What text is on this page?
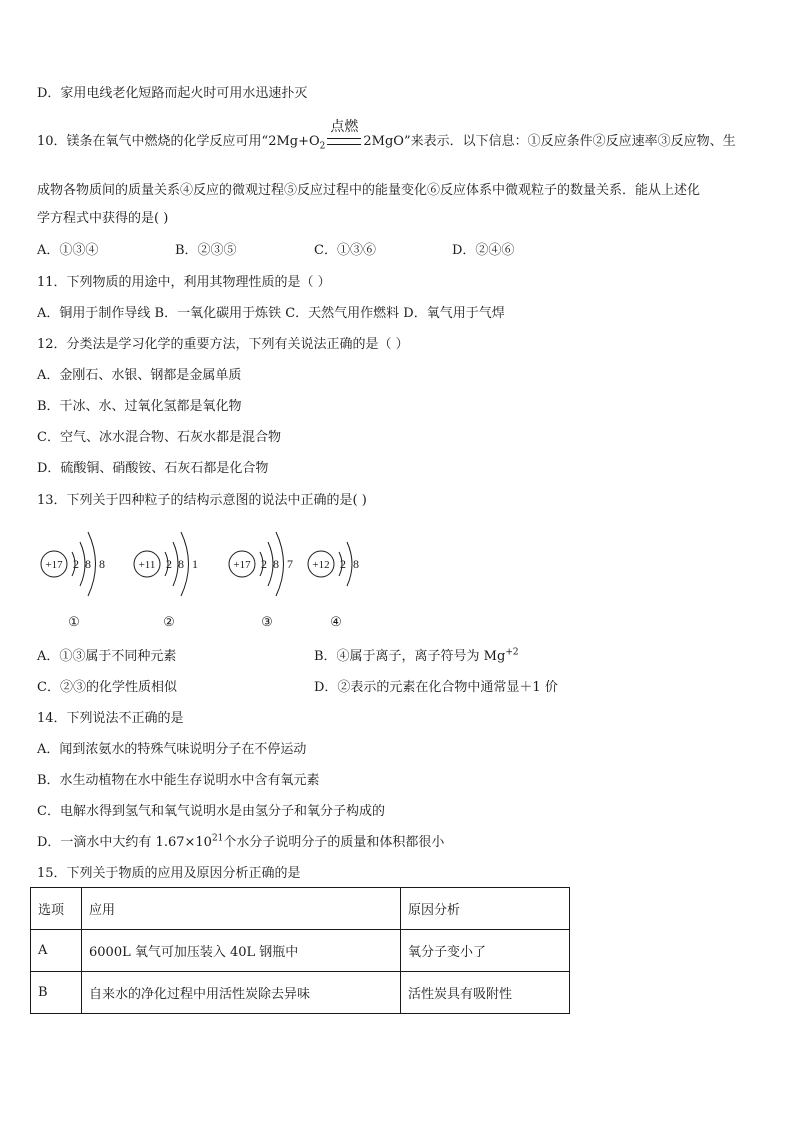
D．家用电线老化短路而起火时可用水迅速扑灭
10．镁条在氧气中燃烧的化学反应可用“$2Mg+O_2$
点燃
2MgO”来表示．以下信息：①反应条件②反应速率③反应物、生
成物各物质间的质量关系④反应的微观过程⑤反应过程中的能量变化⑥反应体系中微观粒子的数量关系．能从上述化
学方程式中获得的是( )
A．①③④	B．②③⑤	C．①③⑥	D．②④⑥
11．下列物质的用途中，利用其物理性质的是（ ）
A．铜用于制作导线 B．一氧化碳用于炼铁 C．天然气用作燃料 D．氧气用于气焊
12．分类法是学习化学的重要方法，下列有关说法正确的是（ ）
A．金刚石、水银、钢都是金属单质
B．干冰、水、过氧化氢都是氧化物
C．空气、冰水混合物、石灰水都是混合物
D．硫酸铜、硝酸铵、石灰石都是化合物
13．下列关于四种粒子的结构示意图的说法中正确的是( )
+17 2 8 8
①
+11 2 8 1
②
+17 2 8 7
③
+12 2 8
④
A．①③属于不同种元素	B．④属于离子，离子符号为 $Mg^{+2}$
C．②③的化学性质相似	D．②表示的元素在化合物中通常显＋1 价
14．下列说法不正确的是
A．闻到浓氨水的特殊气味说明分子在不停运动
B．水生动植物在水中能生存说明水中含有氧元素
C．电解水得到氢气和氧气说明水是由氢分子和氧分子构成的
D．一滴水中大约有 $1.67\times 10^{21}$个水分子说明分子的质量和体积都很小
15．下列关于物质的应用及原因分析正确的是
选项	应用	原因分析
A	6000L 氧气可加压装入 40L 钢瓶中	氧分子变小了
B	自来水的净化过程中用活性炭除去异味	活性炭具有吸附性
